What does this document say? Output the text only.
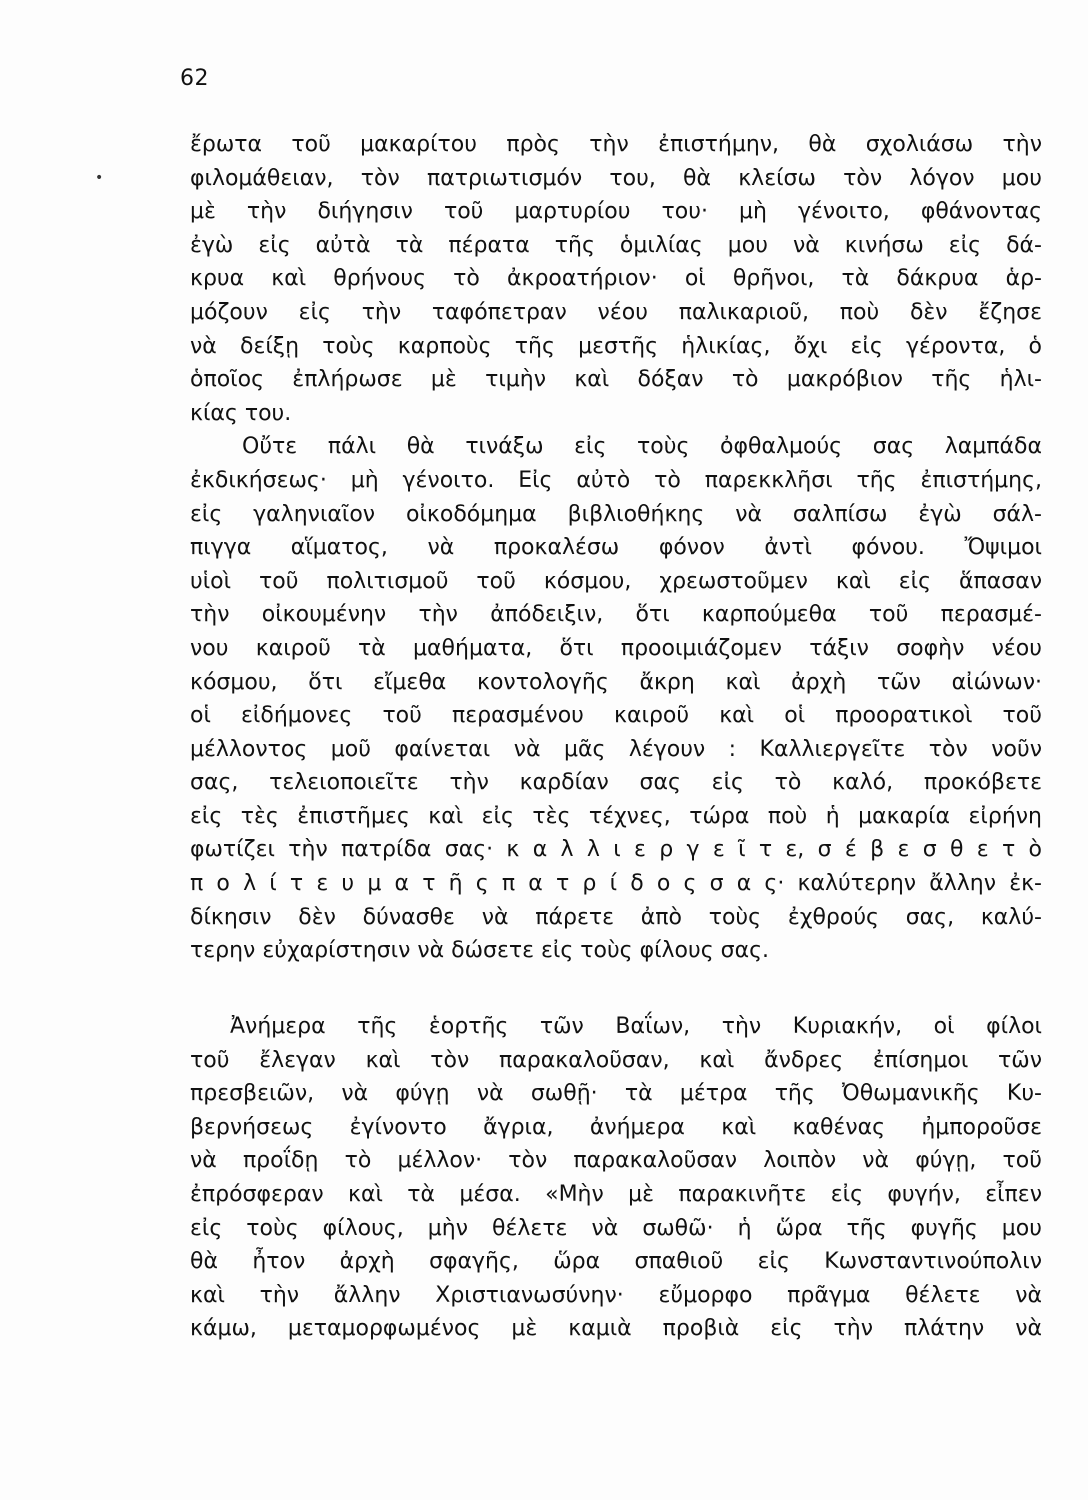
62
•
ἔρωτα τοῦ μακαρίτου πρὸς τὴν ἐπιστήμην, θὰ σχολιάσω τὴν
φιλομάθειαν, τὸν πατριωτισμόν του, θὰ κλείσω τὸν λόγον μου
μὲ τὴν διήγησιν τοῦ μαρτυρίου του· μὴ γένοιτο, φθάνοντας
ἐγὼ εἰς αὐτὰ τὰ πέρατα τῆς ὁμιλίας μου νὰ κινήσω εἰς δά-
κρυα καὶ θρήνους τὸ ἀκροατήριον· οἱ θρῆνοι, τὰ δάκρυα ἁρ-
μόζουν εἰς τὴν ταφόπετραν νέου παλικαριοῦ, ποὺ δὲν ἔζησε
νὰ δείξῃ τοὺς καρποὺς τῆς μεστῆς ἡλικίας, ὄχι εἰς γέροντα, ὁ
ὁποῖος ἐπλήρωσε μὲ τιμὴν καὶ δόξαν τὸ μακρόβιον τῆς ἡλι-
κίας του.
Οὔτε πάλι θὰ τινάξω εἰς τοὺς ὀφθαλμούς σας λαμπάδα
ἐκδικήσεως· μὴ γένοιτο. Εἰς αὐτὸ τὸ παρεκκλῆσι τῆς ἐπιστήμης,
εἰς γαληνιαῖον οἰκοδόμημα βιβλιοθήκης νὰ σαλπίσω ἐγὼ σάλ-
πιγγα αἵματος, νὰ προκαλέσω φόνον ἀντὶ φόνου. Ὄψιμοι
υἱοὶ τοῦ πολιτισμοῦ τοῦ κόσμου, χρεωστοῦμεν καὶ εἰς ἅπασαν
τὴν οἰκουμένην τὴν ἀπόδειξιν, ὅτι καρπούμεθα τοῦ περασμέ-
νου καιροῦ τὰ μαθήματα, ὅτι προοιμιάζομεν τάξιν σοφὴν νέου
κόσμου, ὅτι εἴμεθα κοντολογῆς ἄκρη καὶ ἀρχὴ τῶν αἰώνων·
οἱ εἰδήμονες τοῦ περασμένου καιροῦ καὶ οἱ προορατικοὶ τοῦ
μέλλοντος μοῦ φαίνεται νὰ μᾶς λέγουν : Καλλιεργεῖτε τὸν νοῦν
σας, τελειοποιεῖτε τὴν καρδίαν σας εἰς τὸ καλό, προκόβετε
εἰς τὲς ἐπιστῆμες καὶ εἰς τὲς τέχνες, τώρα ποὺ ἡ μακαρία εἰρήνη
φωτίζει τὴν πατρίδα σας· κ α λ λ ι ε ρ γ ε ῖ τ ε, σ έ β ε σ θ ε τ ὸ
π ο λ ί τ ε υ μ α τ ῆ ς π α τ ρ ί δ ο ς σ α ς· καλύτερην ἄλλην ἐκ-
δίκησιν δὲν δύνασθε νὰ πάρετε ἀπὸ τοὺς ἐχθρούς σας, καλύ-
τερην εὐχαρίστησιν νὰ δώσετε εἰς τοὺς φίλους σας.
Ἀνήμερα τῆς ἑορτῆς τῶν Βαΐων, τὴν Κυριακήν, οἱ φίλοι
τοῦ ἔλεγαν καὶ τὸν παρακαλοῦσαν, καὶ ἄνδρες ἐπίσημοι τῶν
πρεσβειῶν, νὰ φύγῃ νὰ σωθῇ· τὰ μέτρα τῆς Ὀθωμανικῆς Κυ-
βερνήσεως ἐγίνοντο ἄγρια, ἀνήμερα καὶ καθένας ἠμποροῦσε
νὰ προΐδῃ τὸ μέλλον· τὸν παρακαλοῦσαν λοιπὸν νὰ φύγῃ, τοῦ
ἐπρόσφεραν καὶ τὰ μέσα. «Μὴν μὲ παρακινῆτε εἰς φυγήν, εἶπεν
εἰς τοὺς φίλους, μὴν θέλετε νὰ σωθῶ· ἡ ὥρα τῆς φυγῆς μου
θὰ ἦτον ἀρχὴ σφαγῆς, ὥρα σπαθιοῦ εἰς Κωνσταντινούπολιν
καὶ τὴν ἄλλην Χριστιανωσύνην· εὔμορφο πρᾶγμα θέλετε νὰ
κάμω, μεταμορφωμένος μὲ καμιὰ προβιὰ εἰς τὴν πλάτην νὰ
